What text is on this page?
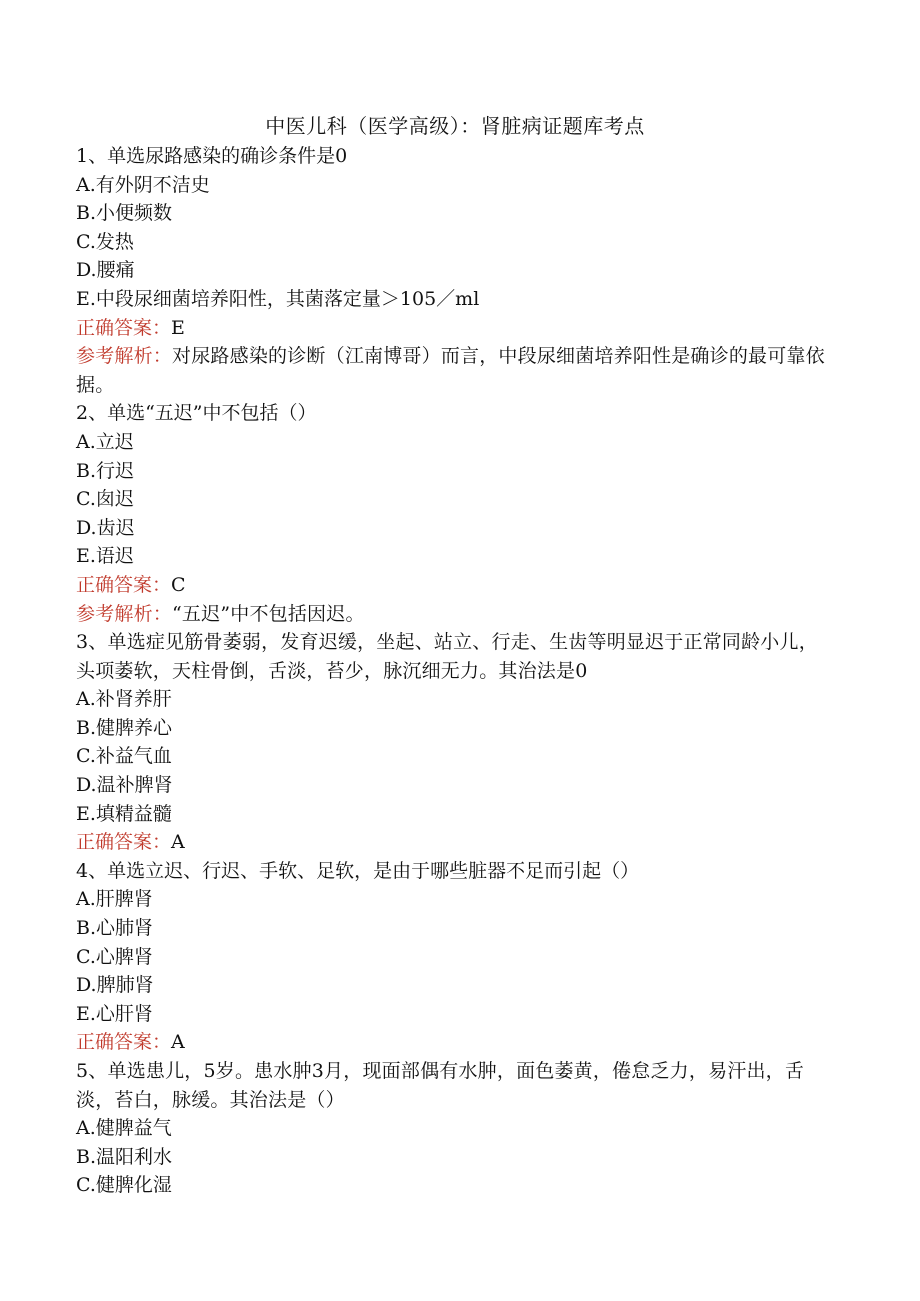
中医儿科（医学高级）：肾脏病证题库考点
1、单选尿路感染的确诊条件是0
A.有外阴不洁史
B.小便频数
C.发热
D.腰痛
E.中段尿细菌培养阳性，其菌落定量＞105／ml
正确答案：E
参考解析：对尿路感染的诊断（江南博哥）而言，中段尿细菌培养阳性是确诊的最可靠依据。
2、单选“五迟”中不包括（）
A.立迟
B.行迟
C.囱迟
D.齿迟
E.语迟
正确答案：C
参考解析：“五迟”中不包括因迟。
3、单选症见筋骨萎弱，发育迟缓，坐起、站立、行走、生齿等明显迟于正常同龄小儿，头项萎软，天柱骨倒，舌淡，苔少，脉沉细无力。其治法是0
A.补肾养肝
B.健脾养心
C.补益气血
D.温补脾肾
E.填精益髓
正确答案：A
4、单选立迟、行迟、手软、足软，是由于哪些脏器不足而引起（）
A.肝脾肾
B.心肺肾
C.心脾肾
D.脾肺肾
E.心肝肾
正确答案：A
5、单选患儿，5岁。患水肿3月，现面部偶有水肿，面色萎黄，倦怠乏力，易汗出，舌淡，苔白，脉缓。其治法是（）
A.健脾益气
B.温阳利水
C.健脾化湿
